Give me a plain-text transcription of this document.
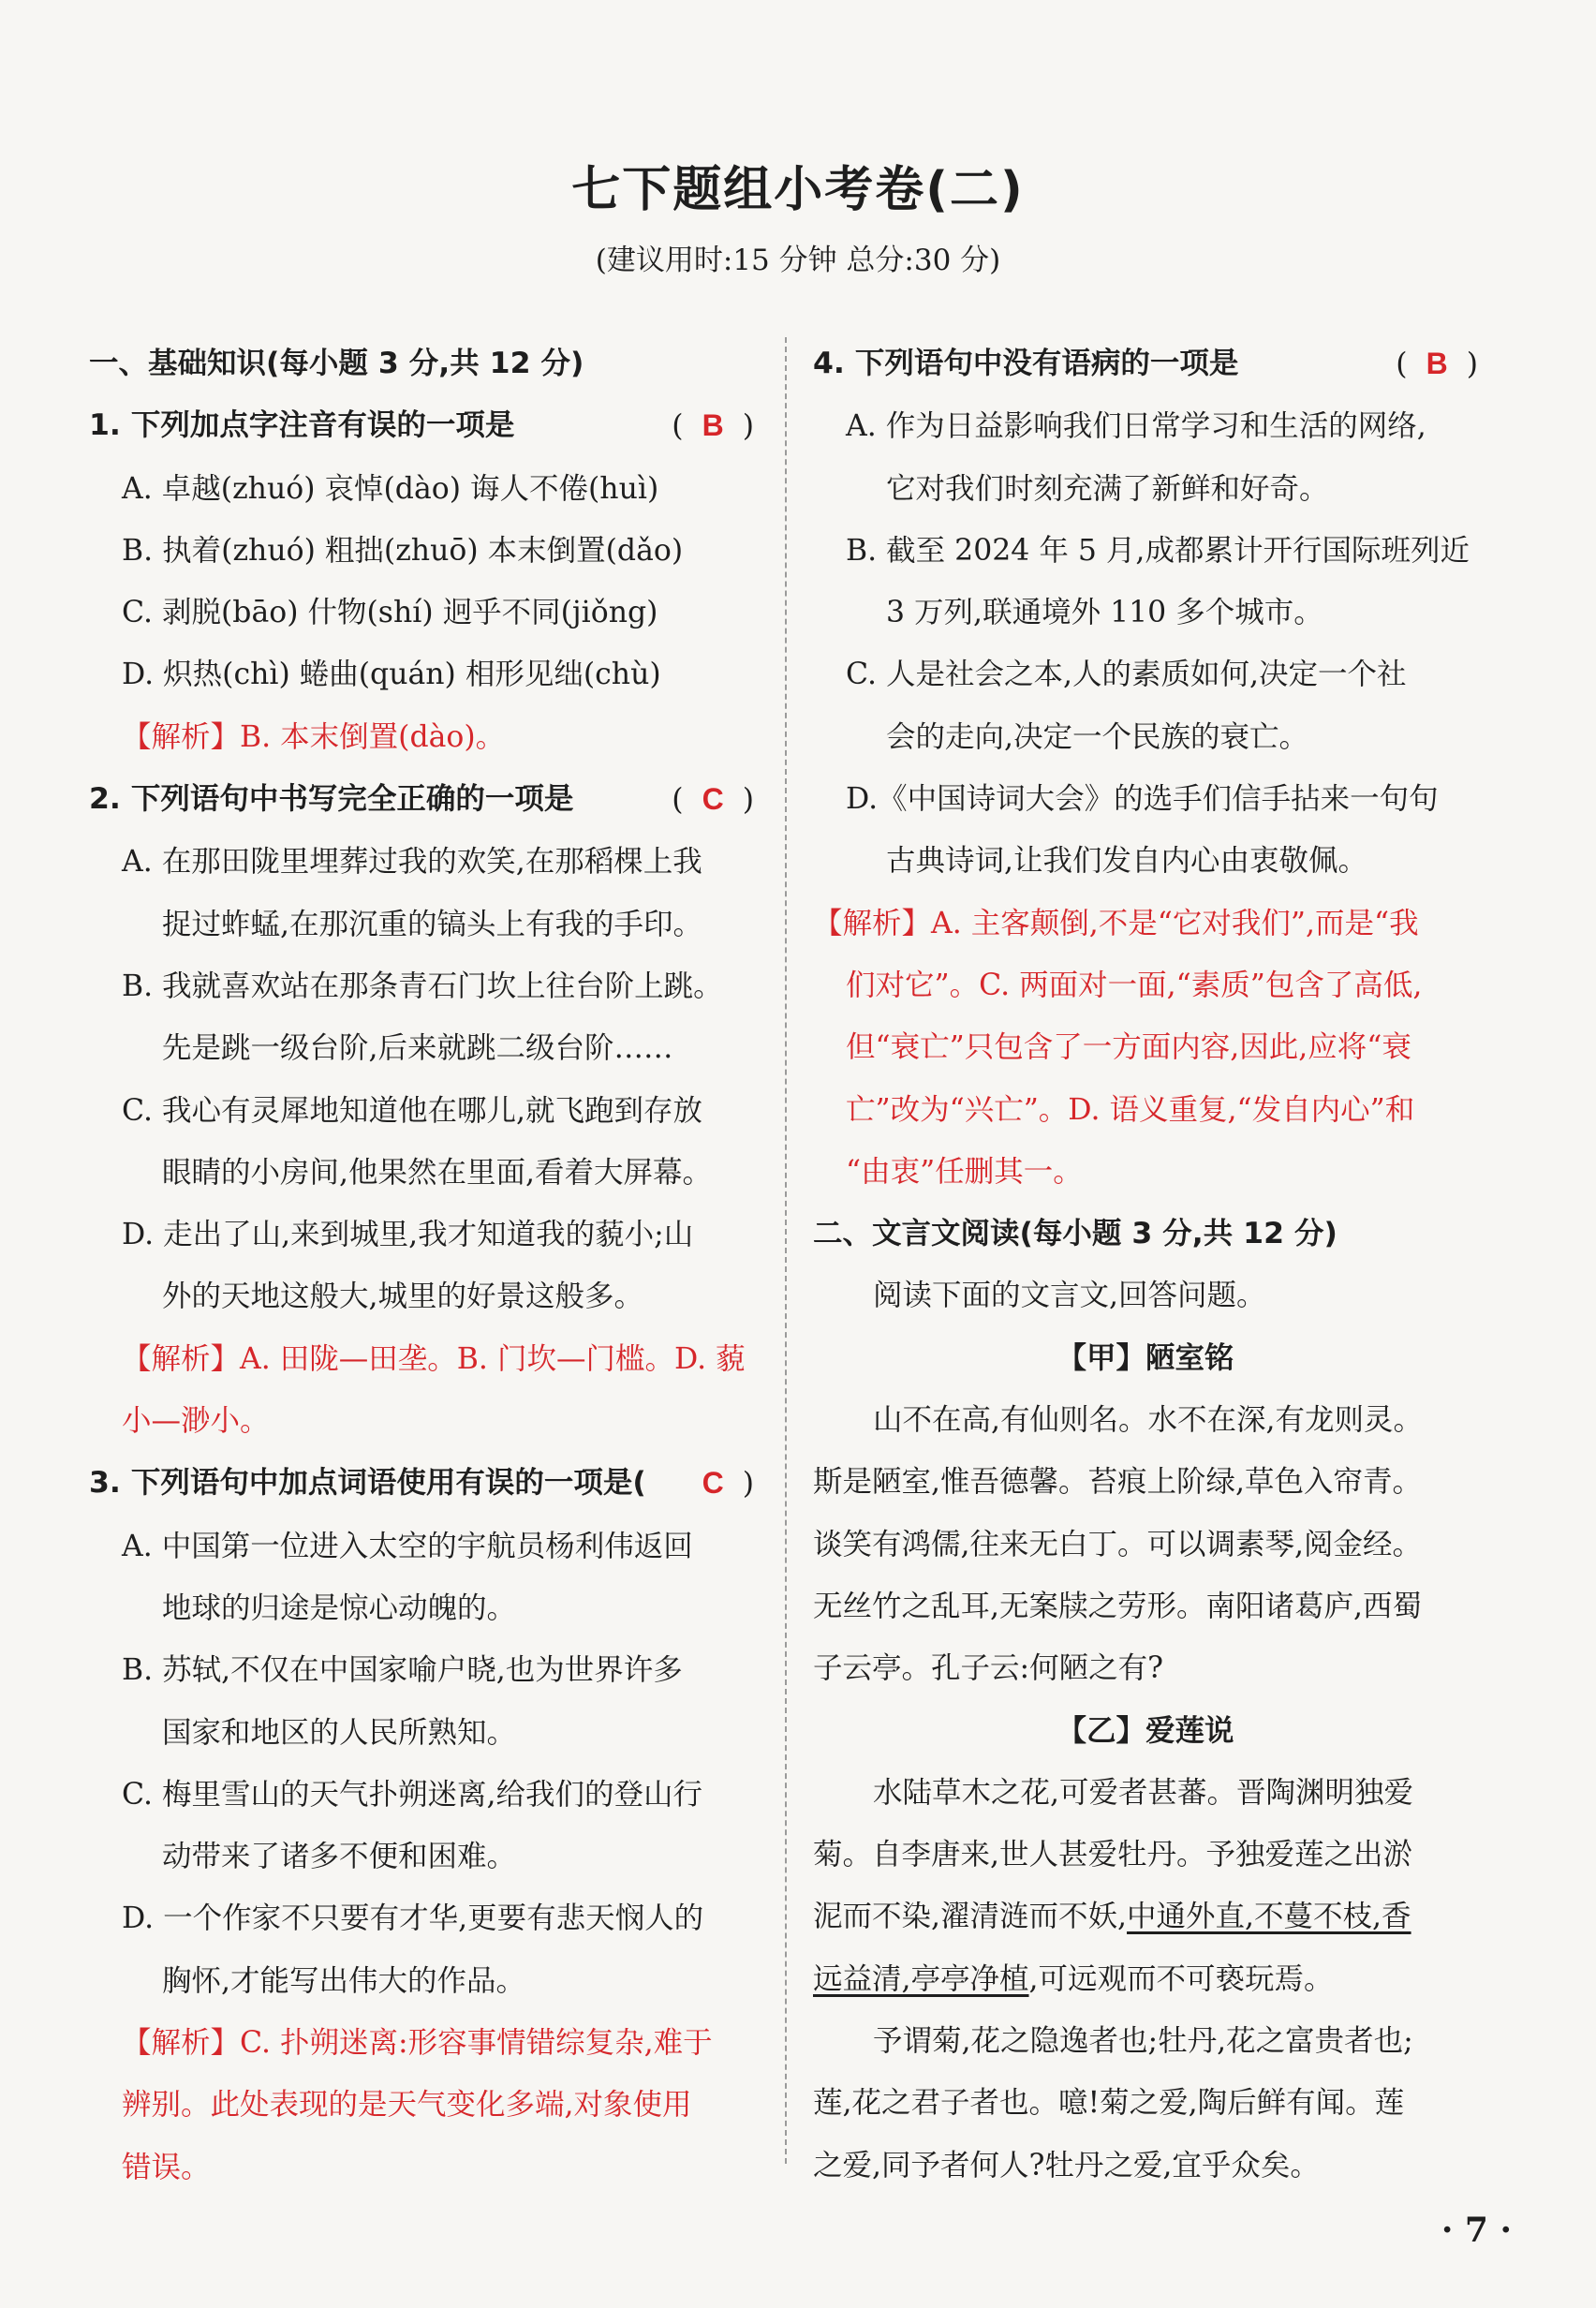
七下题组小考卷(二)
(建议用时:15 分钟 总分:30 分)
一、基础知识(每小题 3 分,共 12 分)
1. 下列加点字注音有误的一项是	(  B  )
A. 卓越(zhuó) 哀悼(dào) 诲人不倦(huì)
B. 执着(zhuó) 粗拙(zhuō) 本末倒置(dǎo)
C. 剥脱(bāo) 什物(shí) 迥乎不同(jiǒng)
D. 炽热(chì) 蜷曲(quán) 相形见绌(chù)
【解析】B. 本末倒置(dào)。
2. 下列语句中书写完全正确的一项是	(  C  )
A. 在那田陇里埋葬过我的欢笑,在那稻棵上我
捉过蚱蜢,在那沉重的镐头上有我的手印。
B. 我就喜欢站在那条青石门坎上往台阶上跳。
先是跳一级台阶,后来就跳二级台阶……
C. 我心有灵犀地知道他在哪儿,就飞跑到存放
眼睛的小房间,他果然在里面,看着大屏幕。
D. 走出了山,来到城里,我才知道我的藐小;山
外的天地这般大,城里的好景这般多。
【解析】A. 田陇—田垄。B. 门坎—门槛。D. 藐
小—渺小。
3. 下列语句中加点词语使用有误的一项是( C  )
A. 中国第一位进入太空的宇航员杨利伟返回
地球的归途是惊心动魄的。
B. 苏轼,不仅在中国家喻户晓,也为世界许多
国家和地区的人民所熟知。
C. 梅里雪山的天气扑朔迷离,给我们的登山行
动带来了诸多不便和困难。
D. 一个作家不只要有才华,更要有悲天悯人的
胸怀,才能写出伟大的作品。
【解析】C. 扑朔迷离:形容事情错综复杂,难于
辨别。此处表现的是天气变化多端,对象使用
错误。
4. 下列语句中没有语病的一项是	(  B  )
A. 作为日益影响我们日常学习和生活的网络,
它对我们时刻充满了新鲜和好奇。
B. 截至 2024 年 5 月,成都累计开行国际班列近
3 万列,联通境外 110 多个城市。
C. 人是社会之本,人的素质如何,决定一个社
会的走向,决定一个民族的衰亡。
D.《中国诗词大会》的选手们信手拈来一句句
古典诗词,让我们发自内心由衷敬佩。
【解析】A. 主客颠倒,不是“它对我们”,而是“我
们对它”。C. 两面对一面,“素质”包含了高低,
但“衰亡”只包含了一方面内容,因此,应将“衰
亡”改为“兴亡”。D. 语义重复,“发自内心”和
“由衷”任删其一。
二、文言文阅读(每小题 3 分,共 12 分)
阅读下面的文言文,回答问题。
【甲】陋室铭
山不在高,有仙则名。水不在深,有龙则灵。
斯是陋室,惟吾德馨。苔痕上阶绿,草色入帘青。
谈笑有鸿儒,往来无白丁。可以调素琴,阅金经。
无丝竹之乱耳,无案牍之劳形。南阳诸葛庐,西蜀
子云亭。孔子云:何陋之有?
【乙】爱莲说
水陆草木之花,可爱者甚蕃。晋陶渊明独爱
菊。自李唐来,世人甚爱牡丹。予独爱莲之出淤
泥而不染,濯清涟而不妖,中通外直,不蔓不枝,香
远益清,亭亭净植,可远观而不可亵玩焉。
予谓菊,花之隐逸者也;牡丹,花之富贵者也;
莲,花之君子者也。噫!菊之爱,陶后鲜有闻。莲
之爱,同予者何人?牡丹之爱,宜乎众矣。
· 7 ·
